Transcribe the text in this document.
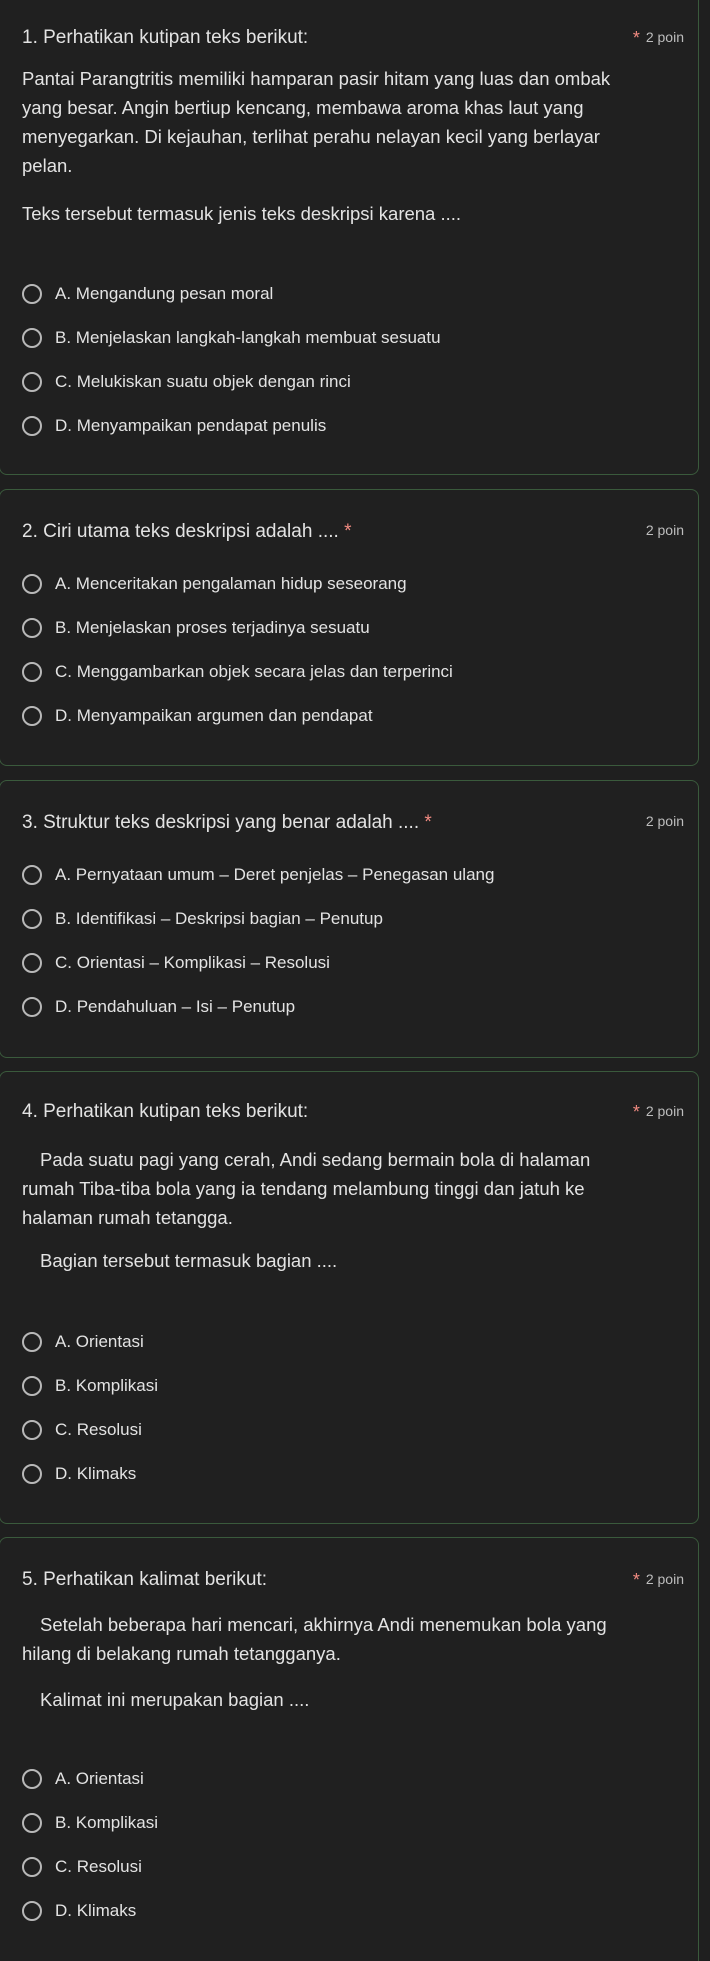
1. Perhatikan kutipan teks berikut:	* 2 poin
Pantai Parangtritis memiliki hamparan pasir hitam yang luas dan ombak yang besar. Angin bertiup kencang, membawa aroma khas laut yang menyegarkan. Di kejauhan, terlihat perahu nelayan kecil yang berlayar pelan.
Teks tersebut termasuk jenis teks deskripsi karena ....
A. Mengandung pesan moral
B. Menjelaskan langkah-langkah membuat sesuatu
C. Melukiskan suatu objek dengan rinci
D. Menyampaikan pendapat penulis
2. Ciri utama teks deskripsi adalah .... *	2 poin
A. Menceritakan pengalaman hidup seseorang
B. Menjelaskan proses terjadinya sesuatu
C. Menggambarkan objek secara jelas dan terperinci
D. Menyampaikan argumen dan pendapat
3. Struktur teks deskripsi yang benar adalah .... *	2 poin
A. Pernyataan umum – Deret penjelas – Penegasan ulang
B. Identifikasi – Deskripsi bagian – Penutup
C. Orientasi – Komplikasi – Resolusi
D. Pendahuluan – Isi – Penutup
4. Perhatikan kutipan teks berikut:	* 2 poin
Pada suatu pagi yang cerah, Andi sedang bermain bola di halaman rumah Tiba-tiba bola yang ia tendang melambung tinggi dan jatuh ke halaman rumah tetangga.
Bagian tersebut termasuk bagian ....
A. Orientasi
B. Komplikasi
C. Resolusi
D. Klimaks
5. Perhatikan kalimat berikut:	* 2 poin
Setelah beberapa hari mencari, akhirnya Andi menemukan bola yang hilang di belakang rumah tetangganya.
Kalimat ini merupakan bagian ....
A. Orientasi
B. Komplikasi
C. Resolusi
D. Klimaks
